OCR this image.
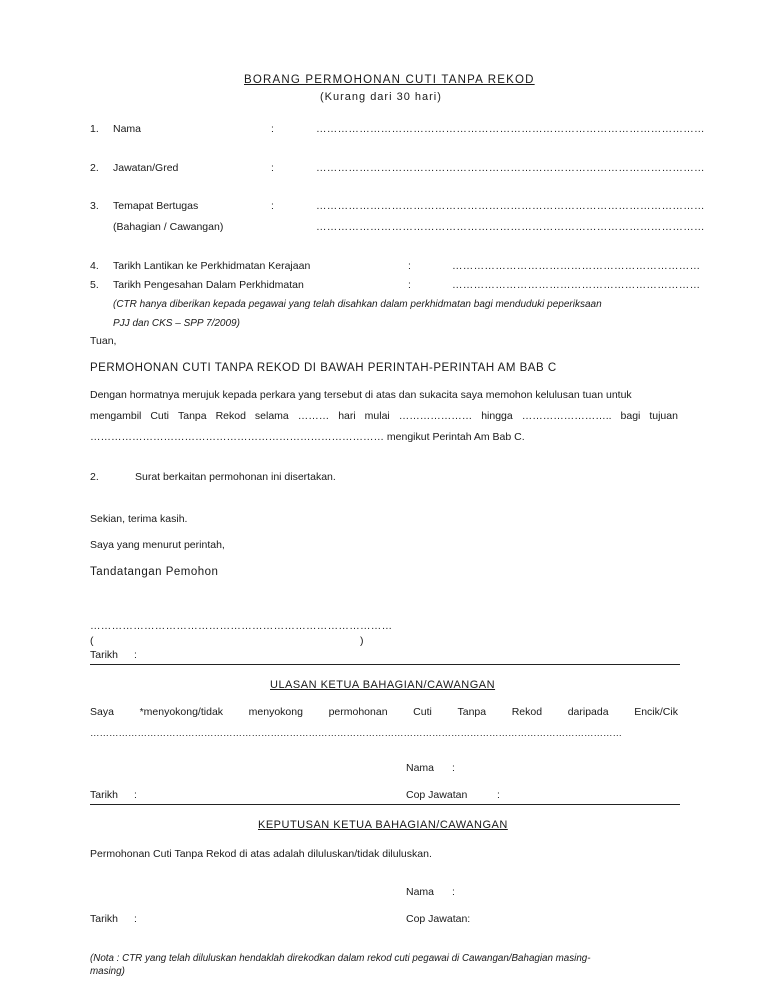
BORANG PERMOHONAN CUTI TANPA REKOD
(Kurang dari 30 hari)
1. Nama	:	………………………………………………………………………………………………
2. Jawatan/Gred	:	………………………………………………………………………………………………
3. Temapat Bertugas	:	………………………………………………………………………………………………
(Bahagian / Cawangan)	………………………………………………………………………………………………
4. Tarikh Lantikan ke Perkhidmatan Kerajaan	:	……………………………………………………………
5. Tarikh Pengesahan Dalam Perkhidmatan	:	……………………………………………………………
(CTR hanya diberikan kepada pegawai yang telah disahkan dalam perkhidmatan bagi menduduki peperiksaan
PJJ dan CKS – SPP 7/2009)
Tuan,
PERMOHONAN CUTI TANPA REKOD DI BAWAH PERINTAH-PERINTAH AM BAB C
Dengan hormatnya merujuk kepada perkara yang tersebut di atas dan sukacita saya memohon kelulusan tuan untuk
mengambil Cuti Tanpa Rekod selama ……… hari mulai ………………… hingga …………………….. bagi tujuan
………………………………………………………………………… mengikut Perintah Am Bab C.
2.	Surat berkaitan permohonan ini disertakan.
Sekian, terima kasih.
Saya yang menurut perintah,
Tandatangan Pemohon
…………………………………………………………………………
(	)
Tarikh :
ULASAN KETUA BAHAGIAN/CAWANGAN
Saya *menyokong/tidak menyokong permohonan Cuti Tanpa Rekod daripada Encik/Cik
……………………………………………………………………………………………………………………………………………………
Nama :
Tarikh :	Cop Jawatan	:
KEPUTUSAN KETUA BAHAGIAN/CAWANGAN
Permohonan Cuti Tanpa Rekod di atas adalah diluluskan/tidak diluluskan.
Nama :
Tarikh :	Cop Jawatan:
(Nota : CTR yang telah diluluskan hendaklah direkodkan dalam rekod cuti pegawai di Cawangan/Bahagian masing-
masing)
